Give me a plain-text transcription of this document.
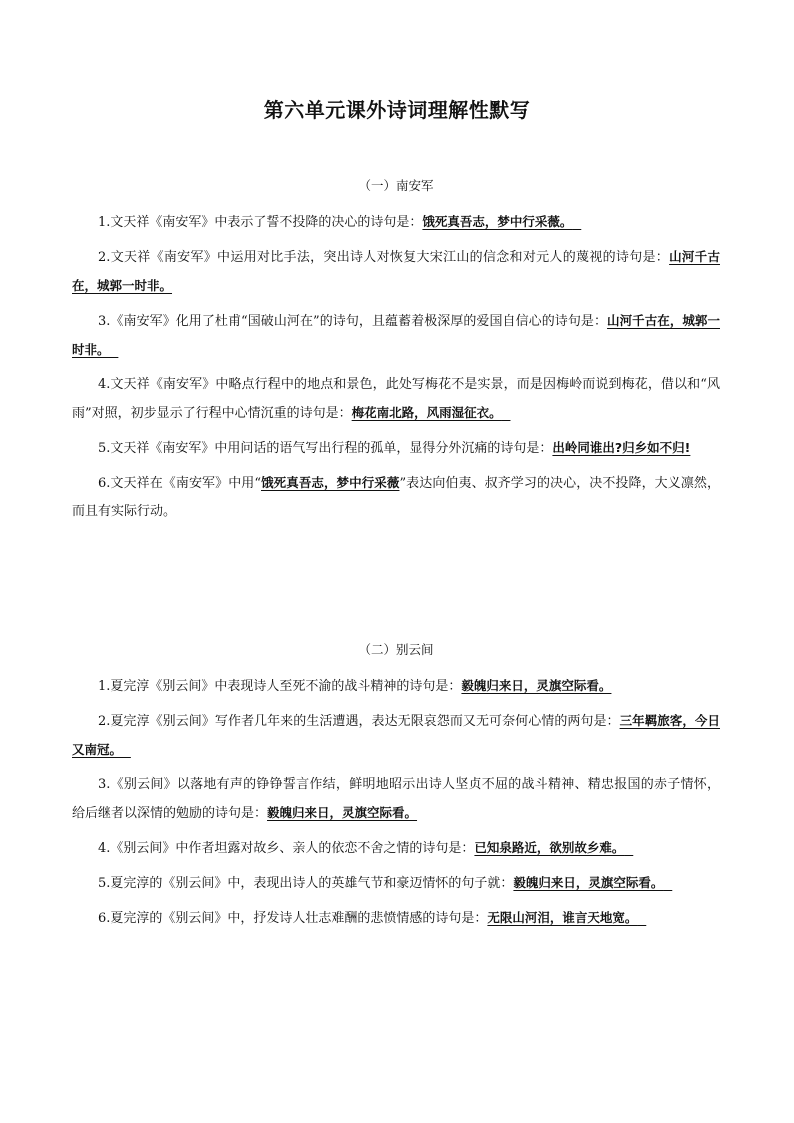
第六单元课外诗词理解性默写
（一）南安军
1.文天祥《南安军》中表示了誓不投降的决心的诗句是：饿死真吾志，梦中行采薇。
2.文天祥《南安军》中运用对比手法，突出诗人对恢复大宋江山的信念和对元人的蔑视的诗句是：山河千古在，城郭一时非。
3.《南安军》化用了杜甫“国破山河在”的诗句，且蕴蓄着极深厚的爱国自信心的诗句是：山河千古在，城郭一时非。
4.文天祥《南安军》中略点行程中的地点和景色，此处写梅花不是实景，而是因梅岭而说到梅花，借以和“风雨”对照，初步显示了行程中心情沉重的诗句是：梅花南北路，风雨湿征衣。
5.文天祥《南安军》中用问话的语气写出行程的孤单，显得分外沉痛的诗句是：出岭同谁出?归乡如不归!
6.文天祥在《南安军》中用“饿死真吾志，梦中行采薇”表达向伯夷、叔齐学习的决心，决不投降，大义凛然，而且有实际行动。
（二）别云间
1.夏完淳《别云间》中表现诗人至死不渝的战斗精神的诗句是：毅魄归来日，灵旗空际看。
2.夏完淳《别云间》写作者几年来的生活遭遇，表达无限哀怨而又无可奈何心情的两句是：三年羁旅客，今日又南冠。
3.《别云间》以落地有声的铮铮誓言作结，鲜明地昭示出诗人坚贞不屈的战斗精神、精忠报国的赤子情怀，给后继者以深情的勉励的诗句是：毅魄归来日，灵旗空际看。
4.《别云间》中作者坦露对故乡、亲人的依恋不舍之情的诗句是：已知泉路近，欲别故乡难。
5.夏完淳的《别云间》中，表现出诗人的英雄气节和豪迈情怀的句子就：毅魄归来日，灵旗空际看。
6.夏完淳的《别云间》中，抒发诗人壮志难酬的悲愤情感的诗句是：无限山河泪，谁言天地宽。
